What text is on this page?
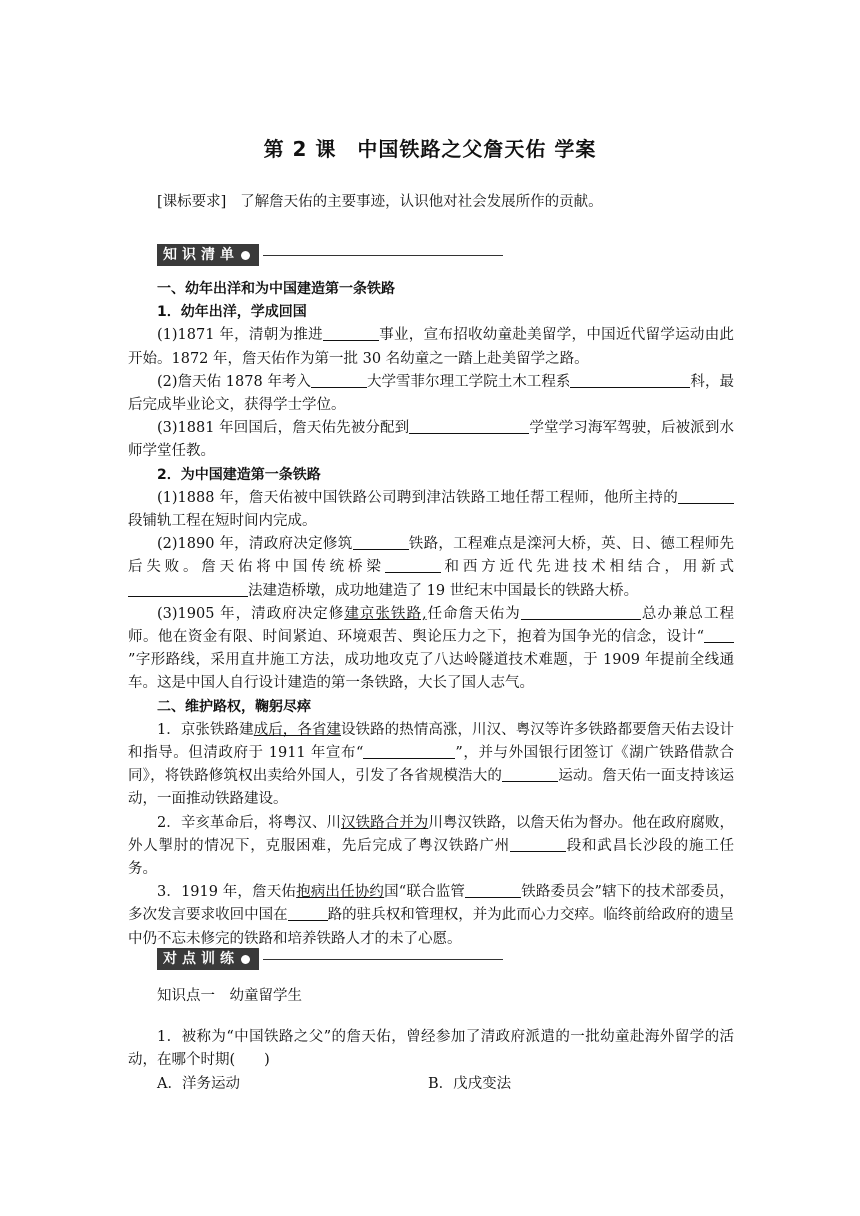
第 2 课　中国铁路之父詹天佑 学案
[课标要求] 了解詹天佑的主要事迹，认识他对社会发展所作的贡献。
知识清单

一、幼年出洋和为中国建造第一条铁路

1．幼年出洋，学成回国

(1)1871 年，清朝为推进	事业，宣布招收幼童赴美留学，中国近代留学运动由此开始。1872 年，詹天佑作为第一批 30 名幼童之一踏上赴美留学之路。

(2)詹天佑 1878 年考入	大学雪菲尔理工学院土木工程系	科，最后完成毕业论文，获得学士学位。

(3)1881 年回国后，詹天佑先被分配到	学堂学习海军驾驶，后被派到水师学堂任教。

2．为中国建造第一条铁路

(1)1888 年，詹天佑被中国铁路公司聘到津沽铁路工地任帮工程师，他所主持的段铺轨工程在短时间内完成。

(2)1890 年，清政府决定修筑	铁路，工程难点是滦河大桥，英、日、德工程师先后失败。詹天佑将中国传统桥梁	和西方近代先进技术相结合，用新式法建造桥墩，成功地建造了 19 世纪末中国最长的铁路大桥。

(3)1905 年，清政府决定修建京张铁路,任命詹天佑为	总办兼总工程师。他在资金有限、时间紧迫、环境艰苦、舆论压力之下，抱着为国争光的信念，设计“”字形路线，采用直井施工方法，成功地攻克了八达岭隧道技术难题，于 1909 年提前全线通车。这是中国人自行设计建造的第一条铁路，大长了国人志气。

二、维护路权，鞠躬尽瘁

1．京张铁路建成后，各省建设铁路的热情高涨，川汉、粤汉等许多铁路都要詹天佑去设计和指导。但清政府于 1911 年宣布“	”，并与外国银行团签订《湖广铁路借款合同》，将铁路修筑权出卖给外国人，引发了各省规模浩大的	运动。詹天佑一面支持该运动，一面推动铁路建设。

2．辛亥革命后，将粤汉、川汉铁路合并为川粤汉铁路，以詹天佑为督办。他在政府腐败，外人掣肘的情况下，克服困难，先后完成了粤汉铁路广州	段和武昌长沙段的施工任务。

3．1919 年，詹天佑抱病出任协约国“联合监管	铁路委员会”辖下的技术部委员，多次发言要求收回中国在	路的驻兵权和管理权，并为此而心力交瘁。临终前给政府的遗呈中仍不忘未修完的铁路和培养铁路人才的未了心愿。

对点训练
知识点一　幼童留学生

1．被称为“中国铁路之父”的詹天佑，曾经参加了清政府派遣的一批幼童赴海外留学的活动，在哪个时期(　　)

A．洋务运动	B．戊戌变法
